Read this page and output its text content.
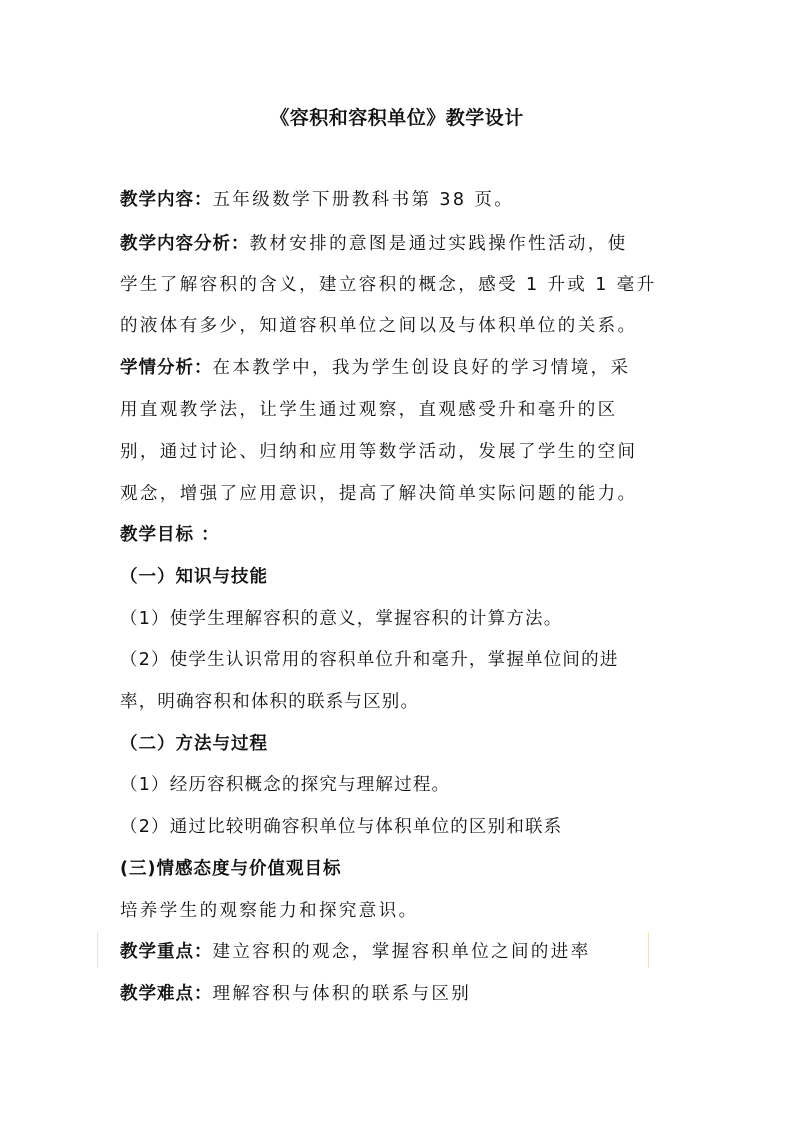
《容积和容积单位》教学设计
教学内容：五年级数学下册教科书第 38 页。
教学内容分析：教材安排的意图是通过实践操作性活动，使
学生了解容积的含义，建立容积的概念，感受 1 升或 1 毫升
的液体有多少，知道容积单位之间以及与体积单位的关系。
学情分析：在本教学中，我为学生创设良好的学习情境，采
用直观教学法，让学生通过观察，直观感受升和毫升的区
别，通过讨论、归纳和应用等数学活动，发展了学生的空间
观念，增强了应用意识，提高了解决简单实际问题的能力。
教学目标 ：
（一）知识与技能
（1）使学生理解容积的意义，掌握容积的计算方法。
（2）使学生认识常用的容积单位升和毫升，掌握单位间的进
率，明确容积和体积的联系与区别。
（二）方法与过程
（1）经历容积概念的探究与理解过程。
（2）通过比较明确容积单位与体积单位的区别和联系
(三)情感态度与价值观目标
培养学生的观察能力和探究意识。
教学重点：建立容积的观念，掌握容积单位之间的进率
教学难点：理解容积与体积的联系与区别
